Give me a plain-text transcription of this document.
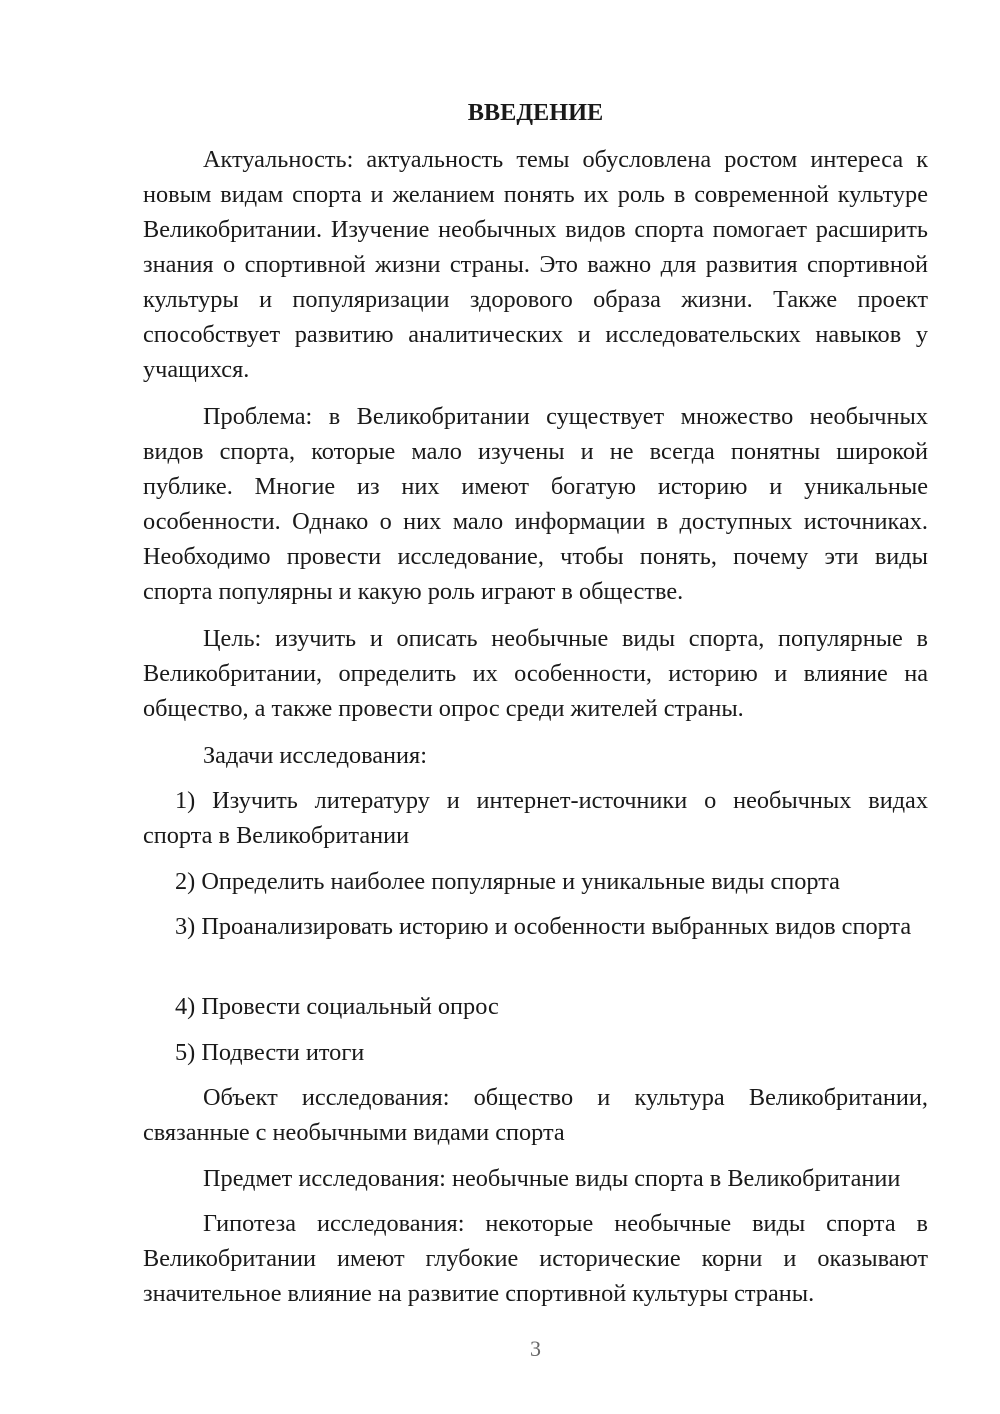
ВВЕДЕНИЕ

Актуальность: актуальность темы обусловлена ростом интереса к новым видам спорта и желанием понять их роль в современной культуре Великобритании. Изучение необычных видов спорта помогает расширить знания о спортивной жизни страны. Это важно для развития спортивной культуры и популяризации здорового образа жизни. Также проект способствует развитию аналитических и исследовательских навыков у учащихся.

Проблема: в Великобритании существует множество необычных видов спорта, которые мало изучены и не всегда понятны широкой публике. Многие из них имеют богатую историю и уникальные особенности. Однако о них мало информации в доступных источниках. Необходимо провести исследование, чтобы понять, почему эти виды спорта популярны и какую роль играют в обществе.

Цель: изучить и описать необычные виды спорта, популярные в Великобритании, определить их особенности, историю и влияние на общество, а также провести опрос среди жителей страны.

Задачи исследования:

1) Изучить литературу и интернет-источники о необычных видах спорта в Великобритании

2) Определить наиболее популярные и уникальные виды спорта

3) Проанализировать историю и особенности выбранных видов спорта

4) Провести социальный опрос

5) Подвести итоги

Объект исследования: общество и культура Великобритании, связанные с необычными видами спорта

Предмет исследования: необычные виды спорта в Великобритании

Гипотеза исследования: некоторые необычные виды спорта в Великобритании имеют глубокие исторические корни и оказывают значительное влияние на развитие спортивной культуры страны.

3
